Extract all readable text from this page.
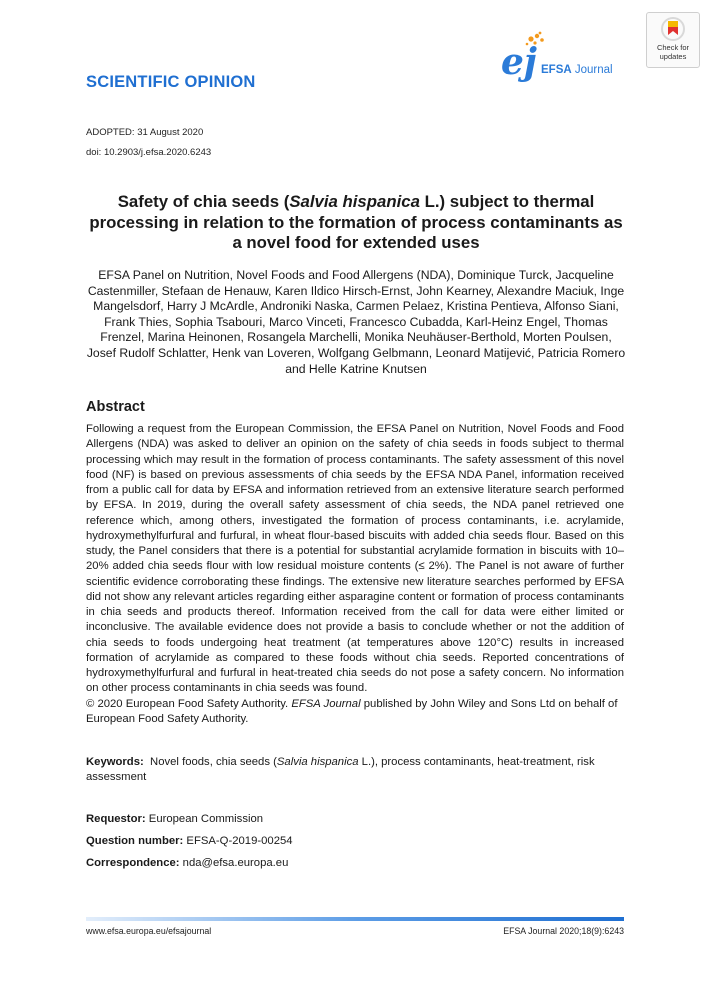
SCIENTIFIC OPINION	ej EFSA Journal
Check for
updates
ADOPTED: 31 August 2020
doi: 10.2903/j.efsa.2020.6243
Safety of chia seeds (Salvia hispanica L.) subject to thermal processing in relation to the formation of process contaminants as a novel food for extended uses
EFSA Panel on Nutrition, Novel Foods and Food Allergens (NDA), Dominique Turck, Jacqueline Castenmiller, Stefaan de Henauw, Karen Ildico Hirsch-Ernst, John Kearney, Alexandre Maciuk, Inge Mangelsdorf, Harry J McArdle, Androniki Naska, Carmen Pelaez, Kristina Pentieva, Alfonso Siani, Frank Thies, Sophia Tsabouri, Marco Vinceti, Francesco Cubadda, Karl-Heinz Engel, Thomas Frenzel, Marina Heinonen, Rosangela Marchelli, Monika Neuhäuser-Berthold, Morten Poulsen, Josef Rudolf Schlatter, Henk van Loveren, Wolfgang Gelbmann, Leonard Matijević, Patricia Romero and Helle Katrine Knutsen
Abstract
Following a request from the European Commission, the EFSA Panel on Nutrition, Novel Foods and Food Allergens (NDA) was asked to deliver an opinion on the safety of chia seeds in foods subject to thermal processing which may result in the formation of process contaminants. The safety assessment of this novel food (NF) is based on previous assessments of chia seeds by the EFSA NDA Panel, information received from a public call for data by EFSA and information retrieved from an extensive literature search performed by EFSA. In 2019, during the overall safety assessment of chia seeds, the NDA panel retrieved one reference which, among others, investigated the formation of process contaminants, i.e. acrylamide, hydroxymethylfurfural and furfural, in wheat flour-based biscuits with added chia seeds flour. Based on this study, the Panel considers that there is a potential for substantial acrylamide formation in biscuits with 10–20% added chia seeds flour with low residual moisture contents (≤ 2%). The Panel is not aware of further scientific evidence corroborating these findings. The extensive new literature searches performed by EFSA did not show any relevant articles regarding either asparagine content or formation of process contaminants in chia seeds and products thereof. Information received from the call for data were either limited or inconclusive. The available evidence does not provide a basis to conclude whether or not the addition of chia seeds to foods undergoing heat treatment (at temperatures above 120°C) results in increased formation of acrylamide as compared to these foods without chia seeds. Reported concentrations of hydroxymethylfurfural and furfural in heat-treated chia seeds do not pose a safety concern. No information on other process contaminants in chia seeds was found.
© 2020 European Food Safety Authority. EFSA Journal published by John Wiley and Sons Ltd on behalf of European Food Safety Authority.
Keywords:  Novel foods, chia seeds (Salvia hispanica L.), process contaminants, heat-treatment, risk assessment
Requestor: European Commission
Question number: EFSA-Q-2019-00254
Correspondence: nda@efsa.europa.eu
www.efsa.europa.eu/efsajournal	EFSA Journal 2020;18(9):6243
